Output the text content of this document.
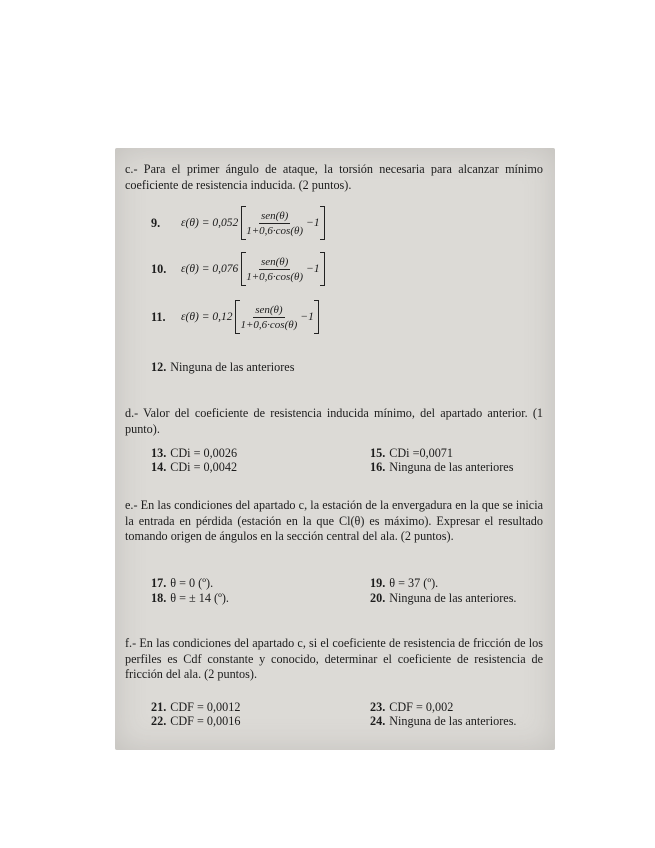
c.- Para el primer ángulo de ataque, la torsión necesaria para alcanzar mínimo coeficiente de resistencia inducida. (2 puntos).
9.	$\varepsilon(\theta) = 0,052 \frac{\text{sen(θ)}}{1+0,6\cdot\cos(\theta)} -1$
10.	$\varepsilon(\theta) = 0,076 \frac{\text{sen(θ)}}{1+0,6\cdot\cos(\theta)} -1$
11.	$\varepsilon(\theta) = 0,12 \frac{\text{sen(θ)}}{1+0,6\cdot\cos(\theta)} -1$
12. Ninguna de las anteriores
d.- Valor del coeficiente de resistencia inducida mínimo, del apartado anterior. (1 punto).
13. CDi = 0,0026
14. CDi = 0,0042
15. CDi =0,0071
16. Ninguna de las anteriores
e.- En las condiciones del apartado c, la estación de la envergadura en la que se inicia la entrada en pérdida (estación en la que Cl(θ) es máximo). Expresar el resultado tomando origen de ángulos en la sección central del ala. (2 puntos).
17. θ = 0 (º).
18. θ = ± 14 (º).
19. θ = 37 (º).
20. Ninguna de las anteriores.
f.- En las condiciones del apartado c, si el coeficiente de resistencia de fricción de los perfiles es Cdf constante y conocido, determinar el coeficiente de resistencia de fricción del ala. (2 puntos).
21. CDF = 0,0012
22. CDF = 0,0016
23. CDF = 0,002
24. Ninguna de las anteriores.
